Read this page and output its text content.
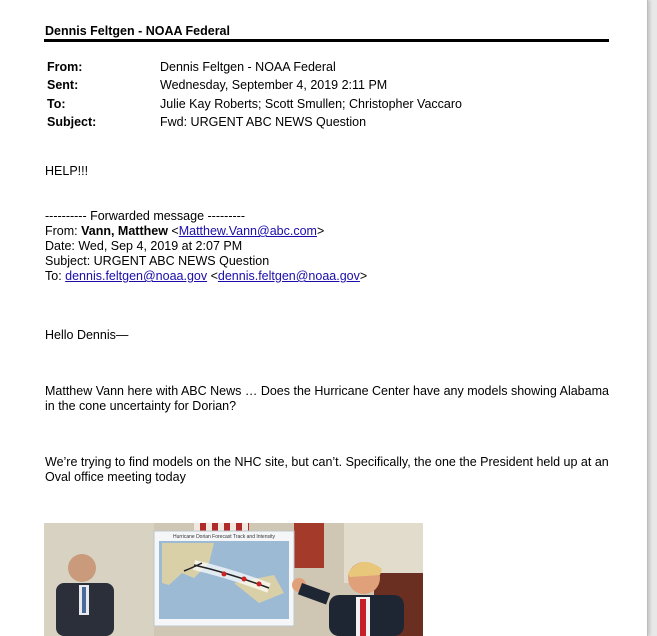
Dennis Feltgen - NOAA Federal
From:	Dennis Feltgen - NOAA Federal
Sent:	Wednesday, September 4, 2019 2:11 PM
To:	Julie Kay Roberts; Scott Smullen; Christopher Vaccaro
Subject:	Fwd: URGENT ABC NEWS Question
HELP!!!
---------- Forwarded message ---------
From: Vann, Matthew <Matthew.Vann@abc.com>
Date: Wed, Sep 4, 2019 at 2:07 PM
Subject: URGENT ABC NEWS Question
To: dennis.feltgen@noaa.gov <dennis.feltgen@noaa.gov>
Hello Dennis—
Matthew Vann here with ABC News … Does the Hurricane Center have any models showing Alabama in the cone uncertainty for Dorian?
We’re trying to find models on the NHC site, but can’t. Specifically, the one the President held up at an Oval office meeting today
Hurricane Dorian Forecast Track and Intensity
